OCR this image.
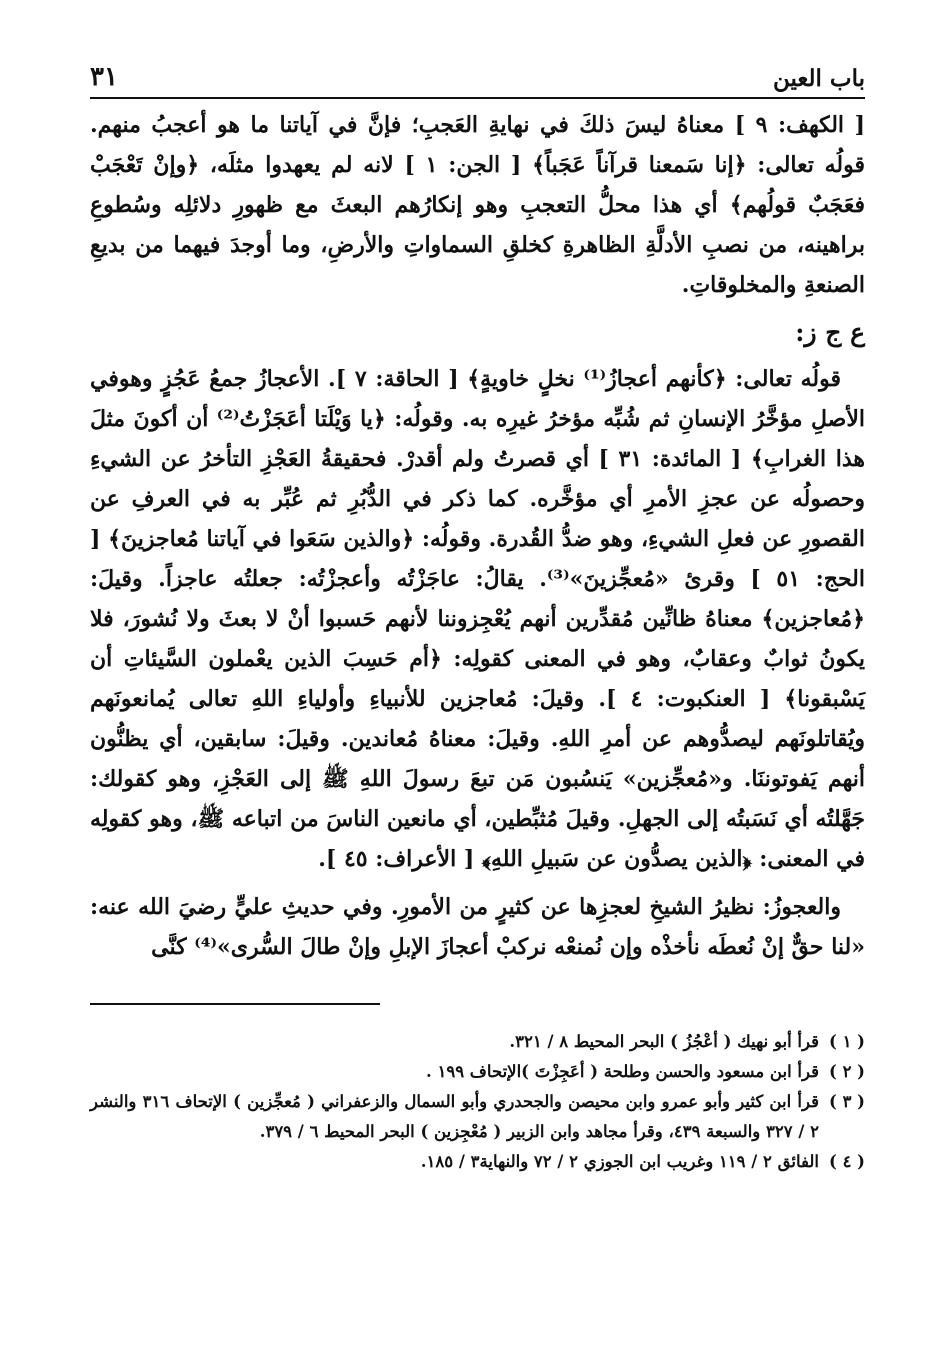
باب العين
٣١

[ الكهف: ٩ ] معناهُ ليسَ ذلكَ في نهايةِ العَجبِ؛ فإنَّ في آياتنا ما هو أعجبُ منهم. قولُه تعالى: ﴿إنا سَمعنا قرآناً عَجَباً﴾ [ الجن: ١ ] لانه لم يعهدوا مثلَه، ﴿وإنْ تَعْجَبْ فعَجَبٌ قولُهم﴾ أي هذا محلُّ التعجبِ وهو إنكارُهم البعثَ مع ظهورِ دلائلِه وسُطوعِ براهينه، من نصبِ الأدلَّةِ الظاهرةِ كخلقِ السماواتِ والأرضِ، وما أوجدَ فيهما من بديعِ الصنعةِ والمخلوقاتِ.

ع ج ز:

قولُه تعالى: ﴿كأنهم أعجازُ⁽¹⁾ نخلٍ خاويةٍ﴾ [ الحاقة: ٧ ]. الأعجازُ جمعُ عَجُزٍ وهوفي الأصلِ مؤخَّرُ الإنسانِ ثم شُبِّه مؤخرُ غيرِه به. وقولُه: ﴿يا وَيْلَتا أعَجَزْتُ⁽²⁾ أن أكونَ مثلَ هذا الغرابِ﴾ [ المائدة: ٣١ ] أي قصرتُ ولم أقدرْ. فحقيقةُ العَجْزِ التأخرُ عن الشيءِ وحصولُه عن عجزِ الأمرِ أي مؤخَّره. كما ذكر في الدُّبُرِ ثم عُبِّر به في العرفِ عن القصورِ عن فعلِ الشيءِ، وهو ضدُّ القُدرة. وقولُه: ﴿والذين سَعَوا في آياتنا مُعاجزينَ﴾ [ الحج: ٥١ ] وقرئ «مُعجِّزينَ»⁽³⁾. يقالُ: عاجَزْتُه وأعجزْتُه: جعلتُه عاجزاً. وقيلَ: ﴿مُعاجزين﴾ معناهُ ظانِّين مُقدِّرين أنهم يُعْجِزوننا لأنهم حَسبوا أنْ لا بعثَ ولا نُشورَ، فلا يكونُ ثوابٌ وعقابٌ، وهو في المعنى كقولِه: ﴿أم حَسِبَ الذين يعْملون السَّيئاتِ أن يَسْبقونا﴾ [ العنكبوت: ٤ ]. وقيلَ: مُعاجزين للأنبياءِ وأولياءِ اللهِ تعالى يُمانعونَهم ويُقاتلونَهم ليصدُّوهم عن أمرِ اللهِ. وقيلَ: معناهُ مُعاندين. وقيلَ: سابقين، أي يظنُّون أنهم يَفوتوننَا. و«مُعجِّزين» يَنسُبون مَن تبعَ رسولَ اللهِ ﷺ إلى العَجْزِ، وهو كقولك: جَهَّلتُه أي نَسَبتُه إلى الجهلِ. وقيلَ مُثبِّطين، أي مانعين الناسَ من اتباعه ﷺ، وهو كقولِه في المعنى: ﴿الذين يصدُّون عن سَبيلِ اللهِ﴾ [ الأعراف: ٤٥ ].

والعجوزُ: نظيرُ الشيخِ لعجزِها عن كثيرٍ من الأمورِ. وفي حديثِ عليٍّ رضيَ الله عنه: «لنا حقٌّ إنْ نُعطَه نأخذْه وإن نُمنعْه نركبْ أعجازَ الإبلِ وإنْ طالَ السُّرى»⁽⁴⁾ كنَّى

( ١ )
قرأ أبو نهيك ( أعْجُزُ ) البحر المحيط ٨ / ٣٢١.
( ٢ )
قرأ ابن مسعود والحسن وطلحة ( أعَجِزْتَ )الإتحاف ١٩٩ .
( ٣ )
قرأ ابن كثير وأبو عمرو وابن محيصن والجحدري وأبو السمال والزعفراني ( مُعجِّزين ) الإتحاف ٣١٦ والنشر ٢ / ٣٢٧ والسبعة ٤٣٩، وقرأ مجاهد وابن الزبير ( مُعْجِزين ) البحر المحيط ٦ / ٣٧٩.
( ٤ )
الفائق ٢ / ١١٩ وغريب ابن الجوزي ٢ / ٧٢ والنهاية٣ / ١٨٥.
